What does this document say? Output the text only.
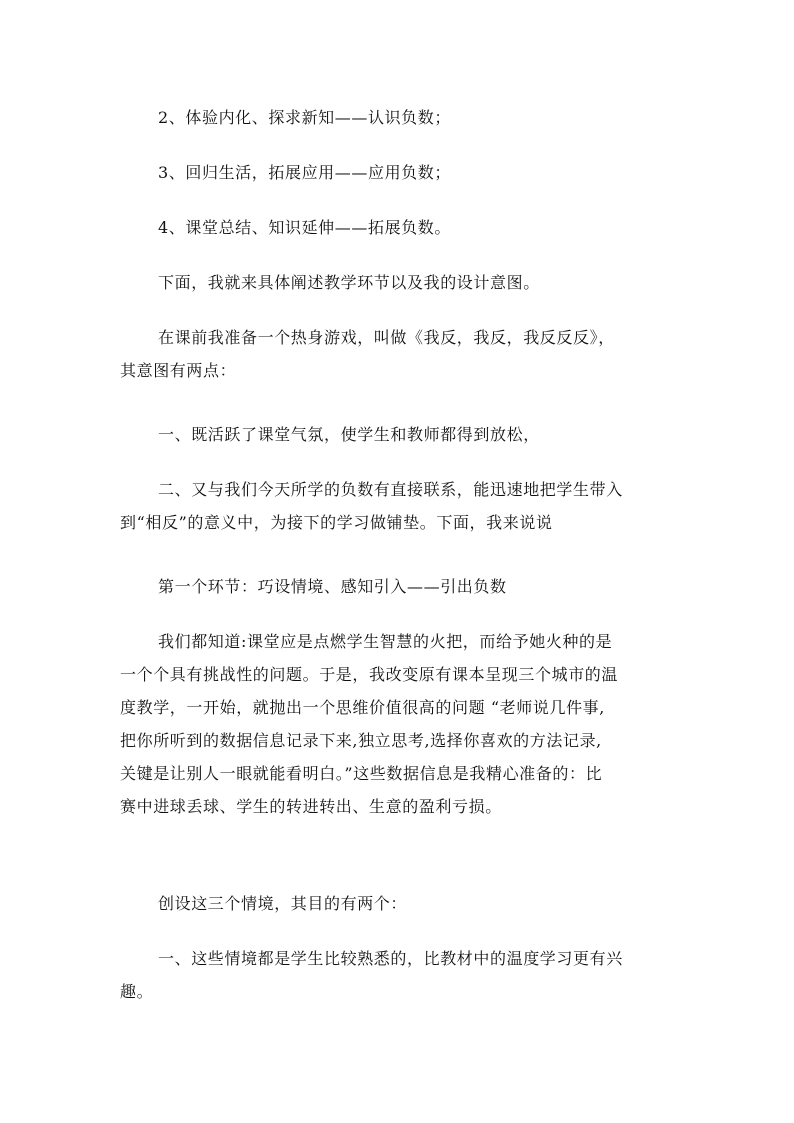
2、体验内化、探求新知——认识负数；

3、回归生活，拓展应用——应用负数；

4、课堂总结、知识延伸——拓展负数。

下面，我就来具体阐述教学环节以及我的设计意图。

在课前我准备一个热身游戏，叫做《我反，我反，我反反反》，
其意图有两点：

一、既活跃了课堂气氛，使学生和教师都得到放松，

二、又与我们今天所学的负数有直接联系，能迅速地把学生带入
到“相反”的意义中，为接下的学习做铺垫。下面，我来说说

第一个环节：巧设情境、感知引入——引出负数

我们都知道:课堂应是点燃学生智慧的火把，而给予她火种的是
一个个具有挑战性的问题。于是，我改变原有课本呈现三个城市的温
度教学，一开始，就抛出一个思维价值很高的问题 “老师说几件事,
把你所听到的数据信息记录下来,独立思考,选择你喜欢的方法记录,
关键是让别人一眼就能看明白。”这些数据信息是我精心准备的：比
赛中进球丢球、学生的转进转出、生意的盈利亏损。

创设这三个情境，其目的有两个：

一、这些情境都是学生比较熟悉的，比教材中的温度学习更有兴
趣。
